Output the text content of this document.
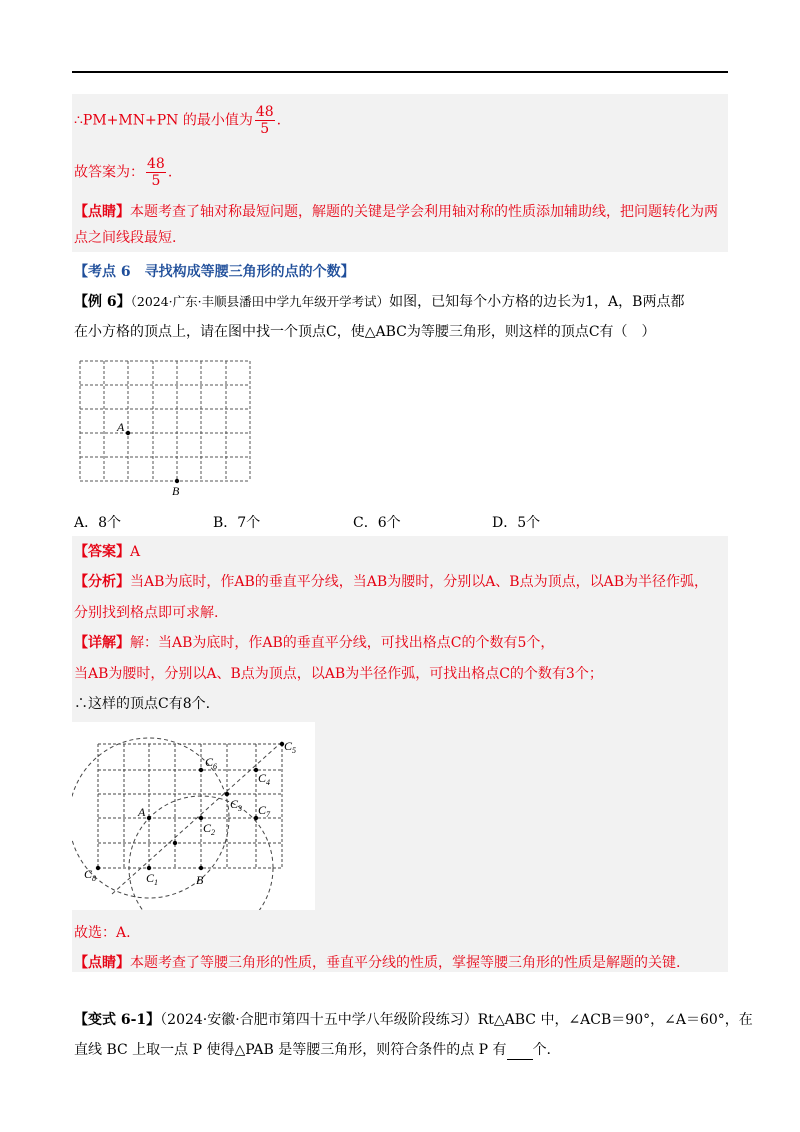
∴PM+MN+PN 的最小值为 $\frac{48}{5}$ .
故答案为： $\frac{48}{5}$ .
【点睛】本题考查了轴对称最短问题，解题的关键是学会利用轴对称的性质添加辅助线，把问题转化为两
点之间线段最短.
【考点 6　寻找构成等腰三角形的点的个数】
【例 6】（2024·广东·丰顺县潘田中学九年级开学考试）如图，已知每个小方格的边长为1，A，B两点都
在小方格的顶点上，请在图中找一个顶点C，使△ABC为等腰三角形，则这样的顶点C有（　）
A
B
A．8个	B．7个	C．6个	D．5个
【答案】A
【分析】当AB为底时，作AB的垂直平分线，当AB为腰时，分别以A、B点为顶点，以AB为半径作弧，
分别找到格点即可求解.
【详解】解：当AB为底时，作AB的垂直平分线，可找出格点C的个数有5个，
当AB为腰时，分别以A、B点为顶点，以AB为半径作弧，可找出格点C的个数有3个；
∴这样的顶点C有8个.
A
B
$C_1$
$C_2$
$C_3$
$C_4$
$C_5$
$C_6$
$C_7$
$C_8$
故选：A.
【点睛】本题考查了等腰三角形的性质，垂直平分线的性质，掌握等腰三角形的性质是解题的关键.
【变式 6-1】（2024·安徽·合肥市第四十五中学八年级阶段练习）Rt△ABC 中，∠ACB＝90°，∠A＝60°，在
直线 BC 上取一点 P 使得△PAB 是等腰三角形，则符合条件的点 P 有 个.
